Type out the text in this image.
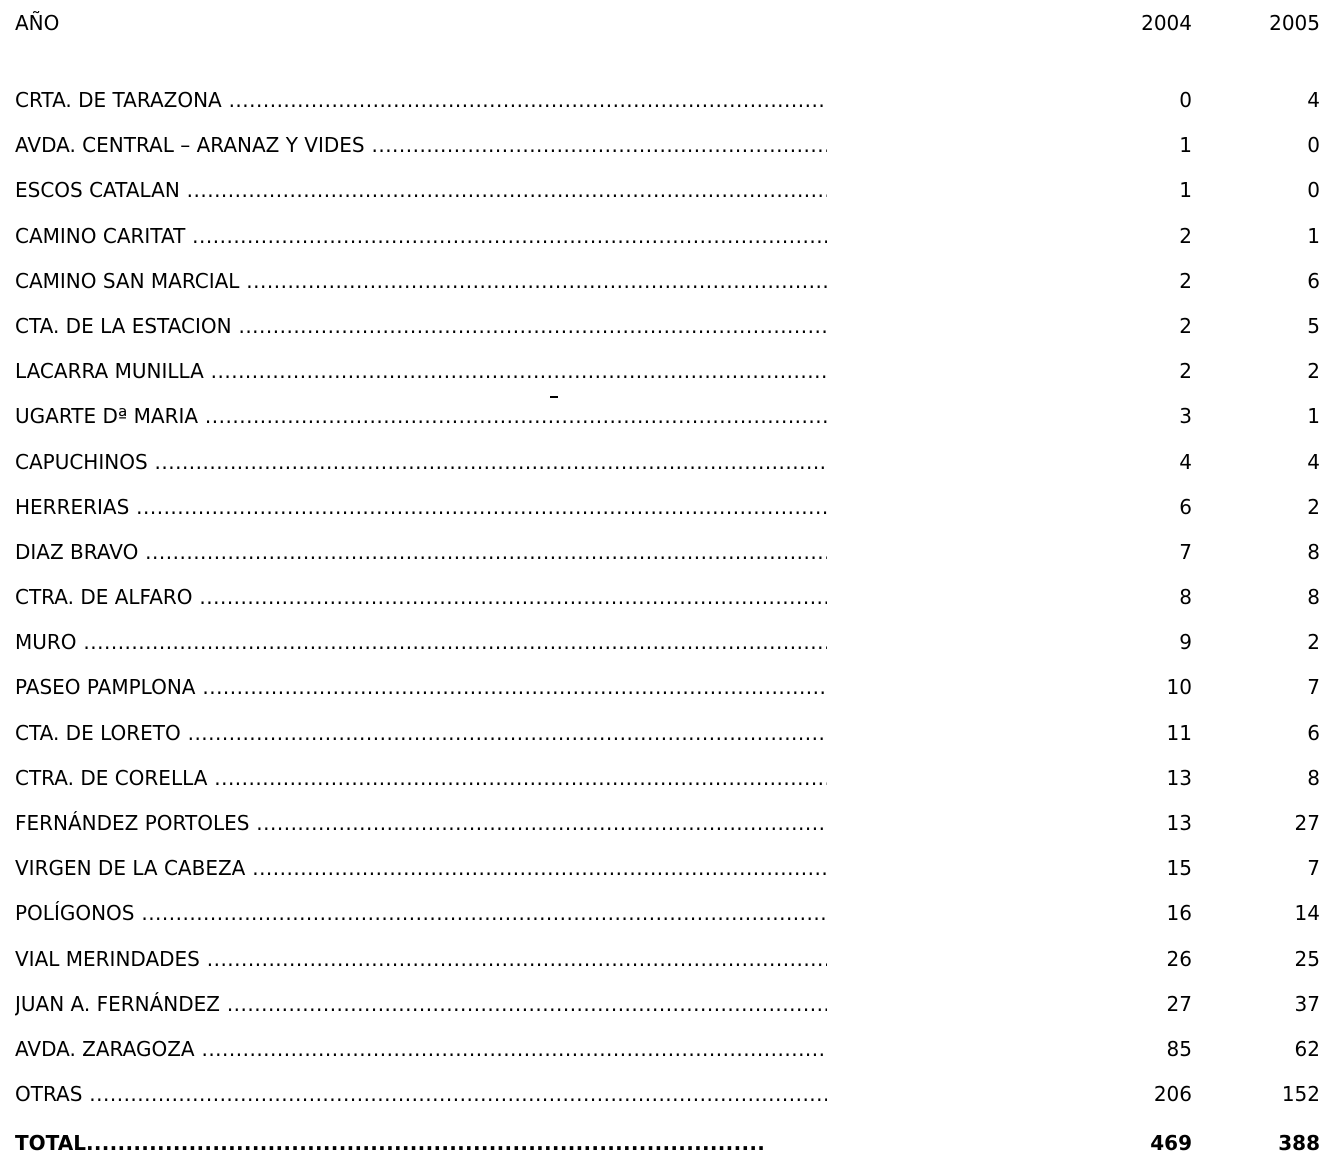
AÑO	2004	2005
CRTA. DE TARAZONA .....	0	4
AVDA. CENTRAL – ARANAZ Y VIDES .....	1	0
ESCOS CATALAN .....	1	0
CAMINO CARITAT .....	2	1
CAMINO SAN MARCIAL .....	2	6
CTA. DE LA ESTACION .....	2	5
LACARRA MUNILLA .....	2	2
UGARTE Dª MARIA .....	3	1
CAPUCHINOS .....	4	4
HERRERIAS .....	6	2
DIAZ BRAVO .....	7	8
CTRA. DE ALFARO .....	8	8
MURO .....	9	2
PASEO PAMPLONA .....	10	7
CTA. DE LORETO .....	11	6
CTRA. DE CORELLA .....	13	8
FERNÁNDEZ PORTOLES .....	13	27
VIRGEN DE LA CABEZA .....	15	7
POLÍGONOS .....	16	14
VIAL MERINDADES .....	26	25
JUAN A. FERNÁNDEZ .....	27	37
AVDA. ZARAGOZA .....	85	62
OTRAS .....	206	152
TOTAL .....	469	388
